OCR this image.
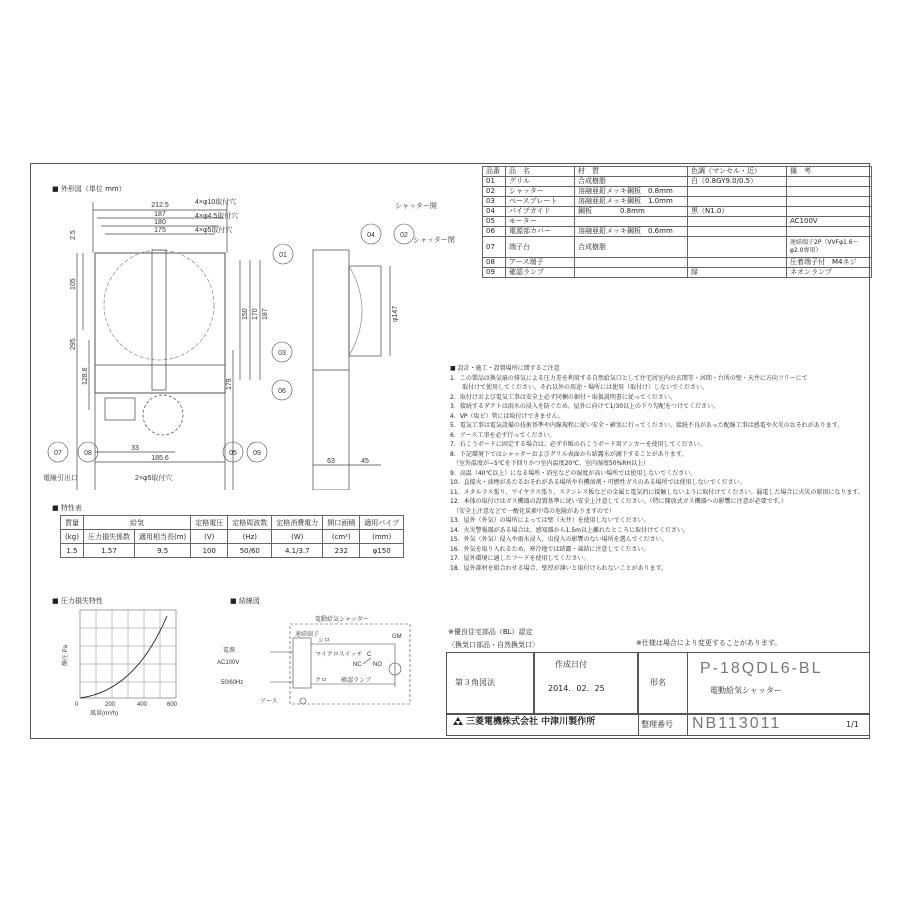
■ 外形図（単位 mm）
01
03
06
04	02
07	08	05 09
212.5
187
180
175
33
185.6	63	45
105
295
128.6
2.5
150 170 187
179
φ147
4×φ10取付穴
4×φ4.5取付穴
4×φ5取付穴
2×φ5取付穴
電線引出口
シャッター開
シャッター閉
品番	品　名	材　質	色調（マンセル・近）	備　考
01	グリル	合成樹脂	白（0.8GY9.0/0.5）	
02	シャッター	溶融亜鉛メッキ鋼板　0.8mm		
03	ベースプレート	溶融亜鉛メッキ鋼板　1.0mm		
04	パイプガイド	鋼板　　　　0.8mm	黒（N1.0）	
05	モーター			AC100V
06	電源部カバー	溶融亜鉛メッキ鋼板　0.6mm		
07	端子台	合成樹脂		速結端子2P（VVFφ1.6〜φ2.0専用）
08	アース端子			圧着端子付　M4ネジ
09	確認ランプ		緑	ネオンランプ
■ 設計・施工・設置場所に関するご注意
1．この製品は換気扇の排気による圧力差を利用する自然給気口として住宅居室内の玄関等・居間・台所の壁・天井に方向フリーにて
　　取付けて使用してください。それ以外の用途・場所には使用（取付け）しないでください。
2．取付けおよび電気工事は安全上必ず同梱の据付・取扱説明書に従ってください。
3．接続するダクトは雨水の浸入を防ぐため、屋外に向けて1/30以上の下り勾配をつけてください。
4．VP（塩ビ）管には取付けできません。
5．電気工事は電気設備の技術基準や内線規程に従い安全・確実に行ってください。接続不良があった配線工事は感電や火災のおそれがあります。
6．アース工事を必ず行ってください。
7．石こうボードに固定する場合は、必ず市販の石こうボード用アンカーを使用してください。
8．下記環境下ではシャッターおよびグリル表面から結露水が滴下することがあります。
　（室外温度が−5℃を下回りかつ室内温度20℃、室内湿度50%RH以上）
9．高温（40℃以上）になる場所・浴室などの湿度が高い場所では使用しないでください。
10．直接火・油煙があたるおそれがある場所や有機溶剤・可燃性ガスのある場所では使用しないでください。
11．メタルラス張り、ワイヤラス張り、ステンレス板などの金属と電気的に接触しないように取付けてください。漏電した場合に火災の原因になります。
12．本体の取付けはガス機器の設置基準に従い安全上注意してください。（特に開放式ガス機器への影響に注意が必要です。）
　（安全上注意などで一酸化炭素中毒の危険がありますので）
13．屋外（外気）の場所によっては壁（天井）を使用しないでください。
14．火災警報器がある場合は、感知器から1.5m以上離れたところに取付けてください。
15．外気（外気）侵入や雨水浸入、虫侵入の影響のない場所を選んでください。
16．外気を取り入れるため、寒冷地では結露・凍結に注意してください。
17．屋外環境に適したフードを使用してください。
18．屋外部材を組合わせる場合、壁厚が薄いと取付けられないことがあります。
■ 特性表
質量	給気		定格電圧	定格周波数	定格消費電力	開口面積	適用パイプ
(kg)	圧力損失係数	適用相当長(m)	(V)	(Hz)	(W)	(cm²)	(mm)
1.5	1.57	9.5	100	50/60	4.1/3.7	232	φ150
■ 圧力損失特性
0	200	400	600
風量(m³/h)
静圧 Pa
■ 結線図
電動給気シャッター
速結端子	GM
シロ
マイクロスイッチ C
NC NO
クロ 確認ランプ
電源
AC100V
50/60Hz
アース
※優良住宅部品（BL）認定
〈換気口部品・自然換気口〉	※仕様は場合により変更することがあります。
第３角図法
作成日付
2014．02．25
形名
P-18QDL6-BL
電動給気シャッター
三菱電機株式会社 中津川製作所	整理番号 NB113011	1/1
